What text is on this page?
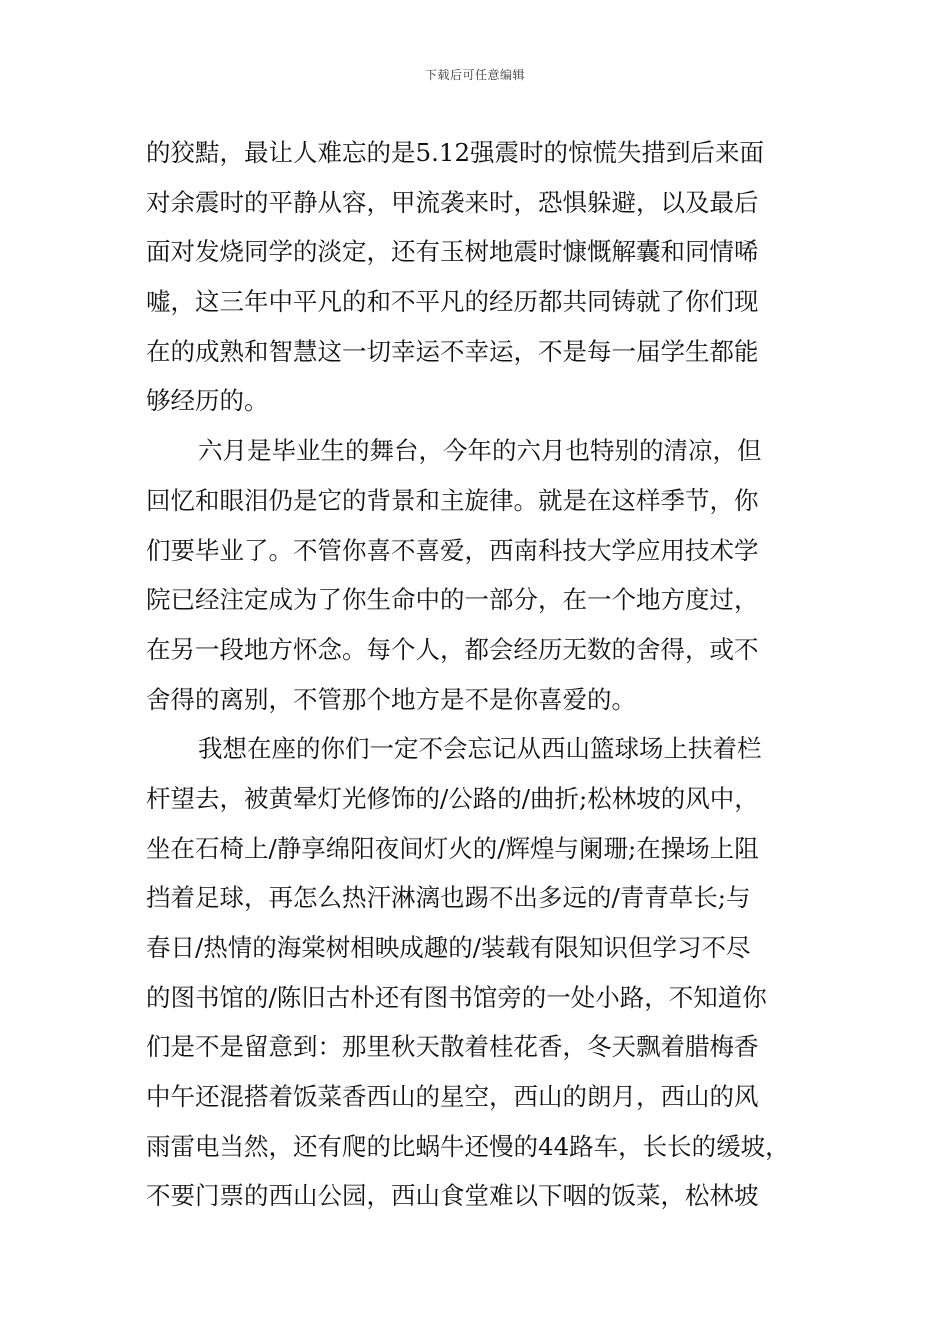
下载后可任意编辑
的狡黠，最让人难忘的是5.12强震时的惊慌失措到后来面
对余震时的平静从容，甲流袭来时，恐惧躲避，以及最后
面对发烧同学的淡定，还有玉树地震时慷慨解囊和同情唏
嘘，这三年中平凡的和不平凡的经历都共同铸就了你们现
在的成熟和智慧这一切幸运不幸运，不是每一届学生都能
够经历的。
六月是毕业生的舞台，今年的六月也特别的清凉，但
回忆和眼泪仍是它的背景和主旋律。就是在这样季节，你
们要毕业了。不管你喜不喜爱，西南科技大学应用技术学
院已经注定成为了你生命中的一部分，在一个地方度过，
在另一段地方怀念。每个人，都会经历无数的舍得，或不
舍得的离别，不管那个地方是不是你喜爱的。
我想在座的你们一定不会忘记从西山篮球场上扶着栏
杆望去，被黄晕灯光修饰的/公路的/曲折;松林坡的风中，
坐在石椅上/静享绵阳夜间灯火的/辉煌与阑珊;在操场上阻
挡着足球，再怎么热汗淋漓也踢不出多远的/青青草长;与
春日/热情的海棠树相映成趣的/装载有限知识但学习不尽
的图书馆的/陈旧古朴还有图书馆旁的一处小路，不知道你
们是不是留意到：那里秋天散着桂花香，冬天飘着腊梅香
中午还混搭着饭菜香西山的星空，西山的朗月，西山的风
雨雷电当然，还有爬的比蜗牛还慢的44路车，长长的缓坡，
不要门票的西山公园，西山食堂难以下咽的饭菜，松林坡
